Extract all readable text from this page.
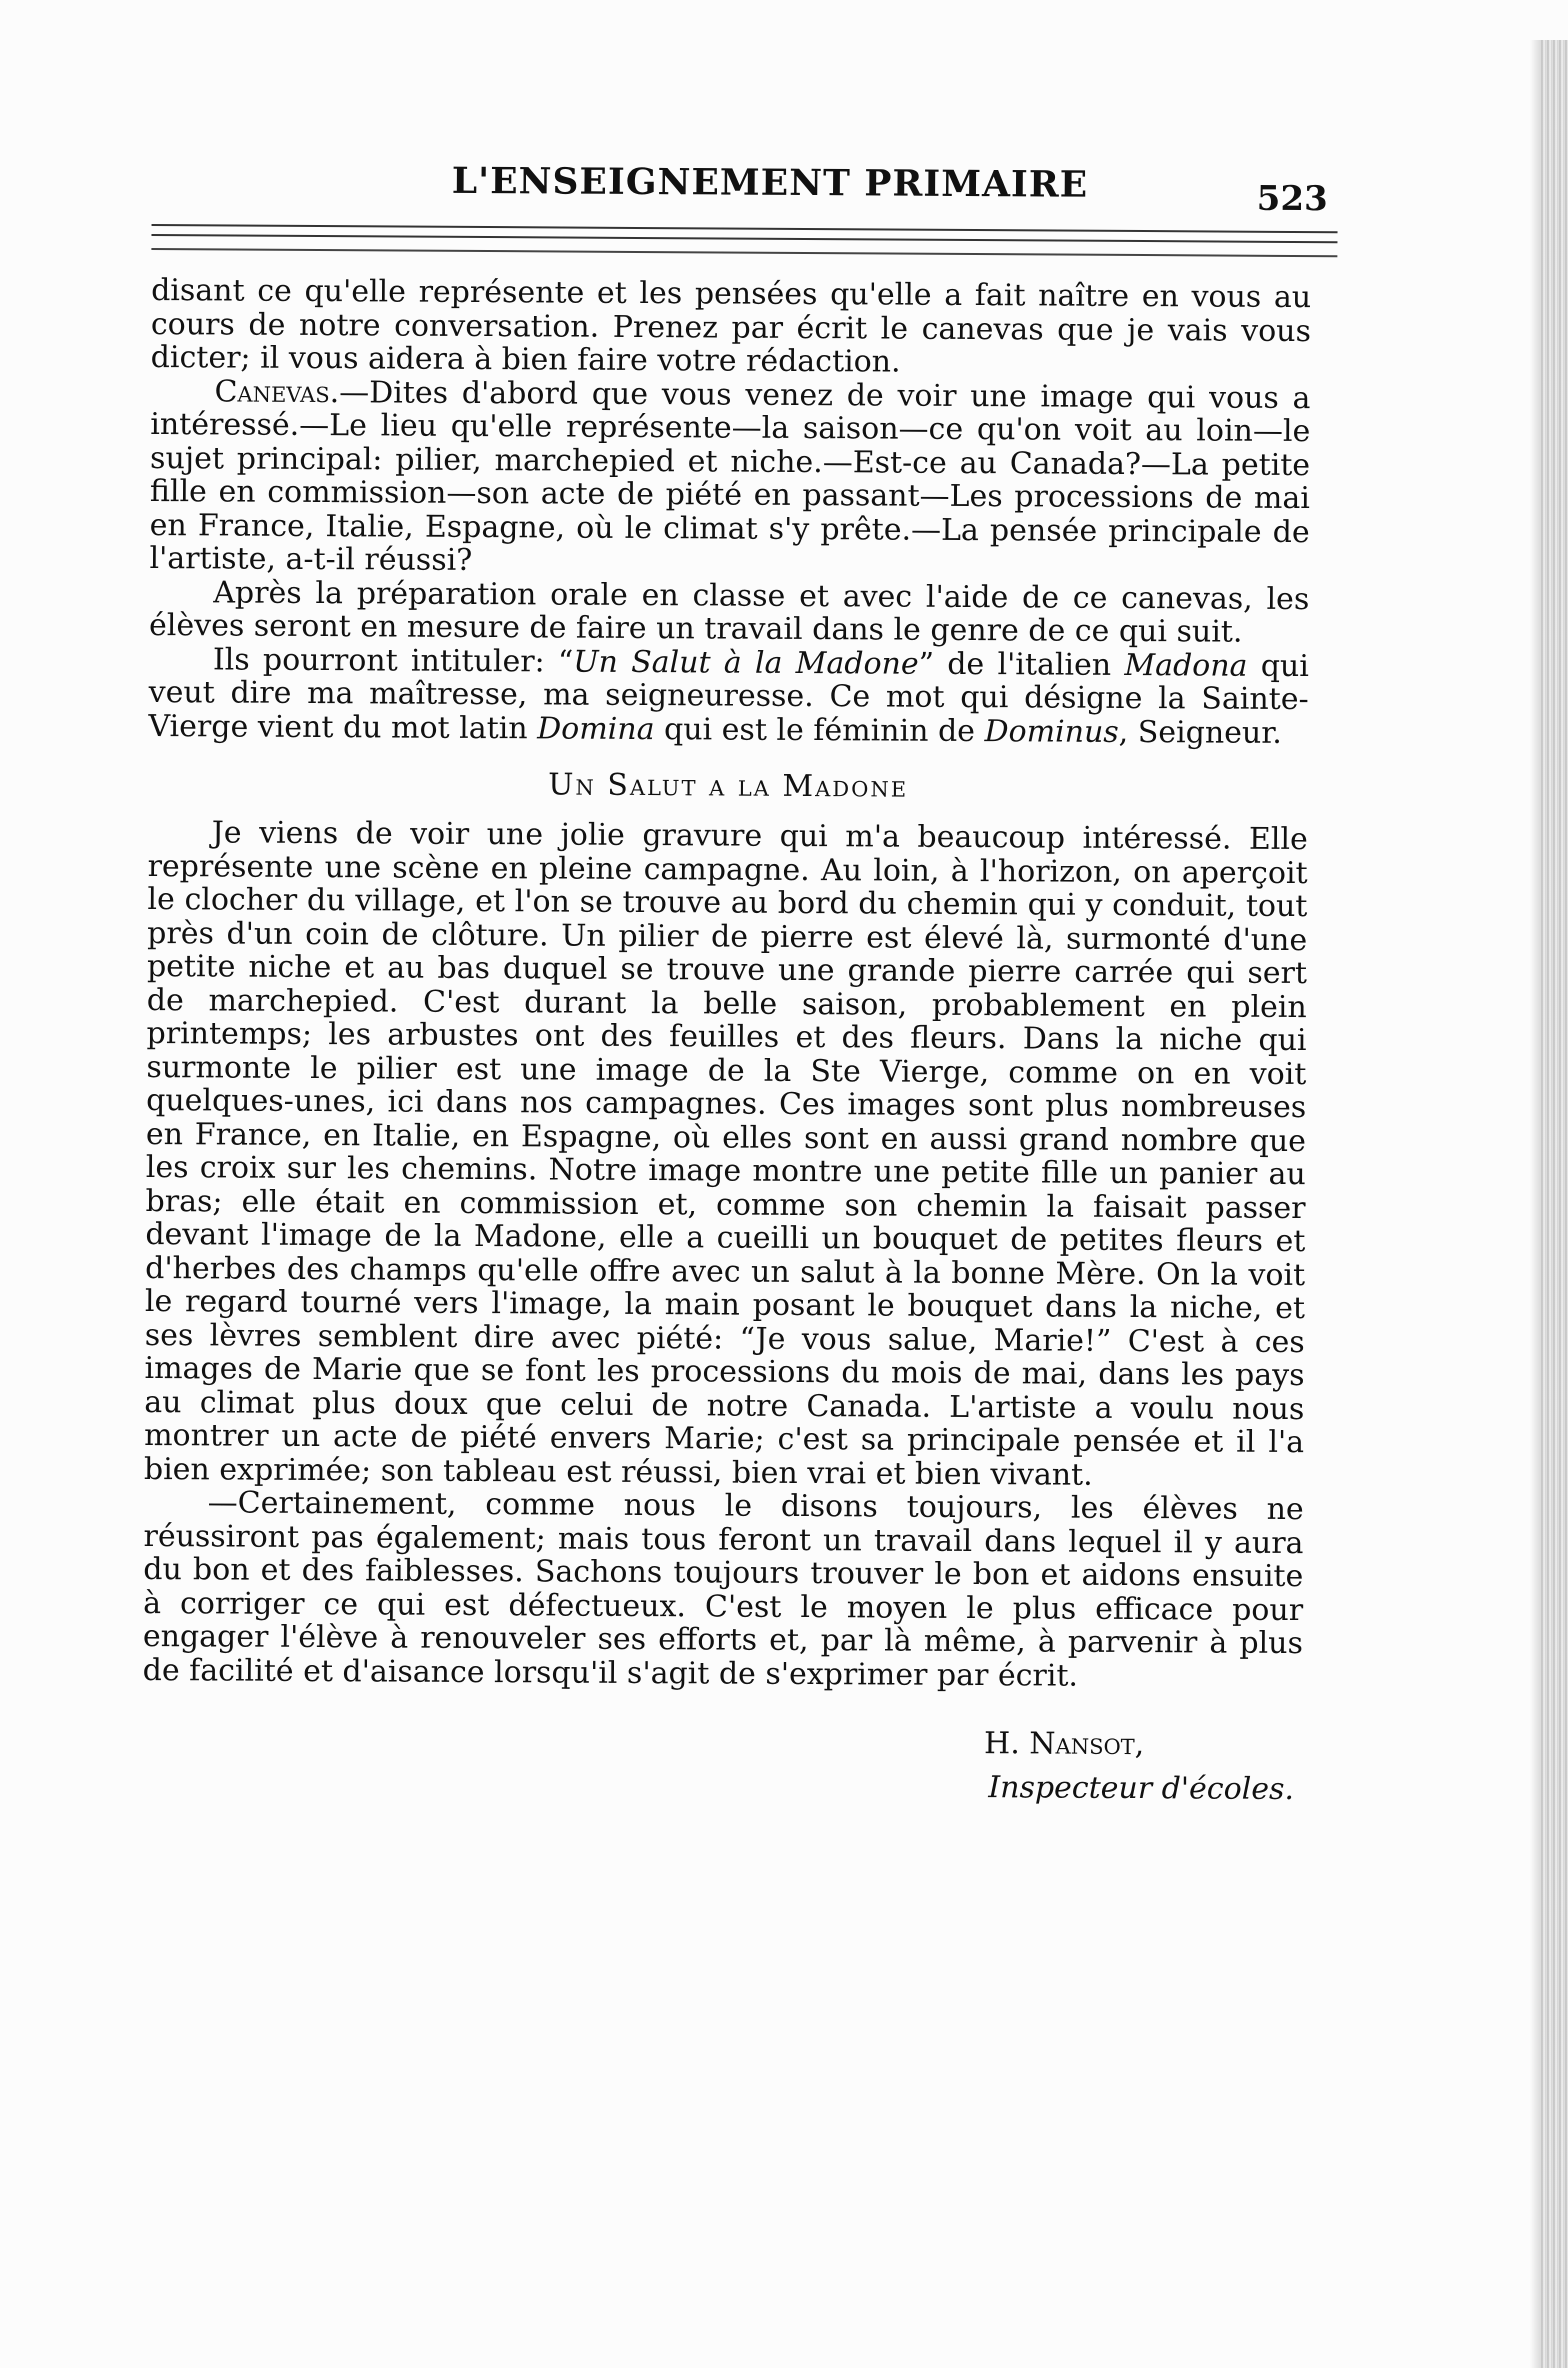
L'ENSEIGNEMENT PRIMAIRE	523

disant ce qu'elle représente et les pensées qu'elle a fait naître en vous au cours de notre conversation. Prenez par écrit le canevas que je vais vous dicter; il vous aidera à bien faire votre rédaction.

Canevas.—Dites d'abord que vous venez de voir une image qui vous a intéressé.—Le lieu qu'elle représente—la saison—ce qu'on voit au loin—le sujet principal: pilier, marchepied et niche.—Est-ce au Canada?—La petite fille en commission—son acte de piété en passant—Les processions de mai en France, Italie, Espagne, où le climat s'y prête.—La pensée principale de l'artiste, a-t-il réussi?

Après la préparation orale en classe et avec l'aide de ce canevas, les élèves seront en mesure de faire un travail dans le genre de ce qui suit.

Ils pourront intituler: “Un Salut à la Madone” de l'italien Madona qui veut dire ma maîtresse, ma seigneuresse. Ce mot qui désigne la Sainte-Vierge vient du mot latin Domina qui est le féminin de Dominus, Seigneur.

Un Salut a la Madone

Je viens de voir une jolie gravure qui m'a beaucoup intéressé. Elle représente une scène en pleine campagne. Au loin, à l'horizon, on aperçoit le clocher du village, et l'on se trouve au bord du chemin qui y conduit, tout près d'un coin de clôture. Un pilier de pierre est élevé là, surmonté d'une petite niche et au bas duquel se trouve une grande pierre carrée qui sert de marchepied. C'est durant la belle saison, probablement en plein printemps; les arbustes ont des feuilles et des fleurs. Dans la niche qui surmonte le pilier est une image de la Ste Vierge, comme on en voit quelques-unes, ici dans nos campagnes. Ces images sont plus nombreuses en France, en Italie, en Espagne, où elles sont en aussi grand nombre que les croix sur les chemins. Notre image montre une petite fille un panier au bras; elle était en commission et, comme son chemin la faisait passer devant l'image de la Madone, elle a cueilli un bouquet de petites fleurs et d'herbes des champs qu'elle offre avec un salut à la bonne Mère. On la voit le regard tourné vers l'image, la main posant le bouquet dans la niche, et ses lèvres semblent dire avec piété: “Je vous salue, Marie!” C'est à ces images de Marie que se font les processions du mois de mai, dans les pays au climat plus doux que celui de notre Canada. L'artiste a voulu nous montrer un acte de piété envers Marie; c'est sa principale pensée et il l'a bien exprimée; son tableau est réussi, bien vrai et bien vivant.

—Certainement, comme nous le disons toujours, les élèves ne réussiront pas également; mais tous feront un travail dans lequel il y aura du bon et des faiblesses. Sachons toujours trouver le bon et aidons ensuite à corriger ce qui est défectueux. C'est le moyen le plus efficace pour engager l'élève à renouveler ses efforts et, par là même, à parvenir à plus de facilité et d'aisance lorsqu'il s'agit de s'exprimer par écrit.

H. Nansot,
Inspecteur d'écoles.
